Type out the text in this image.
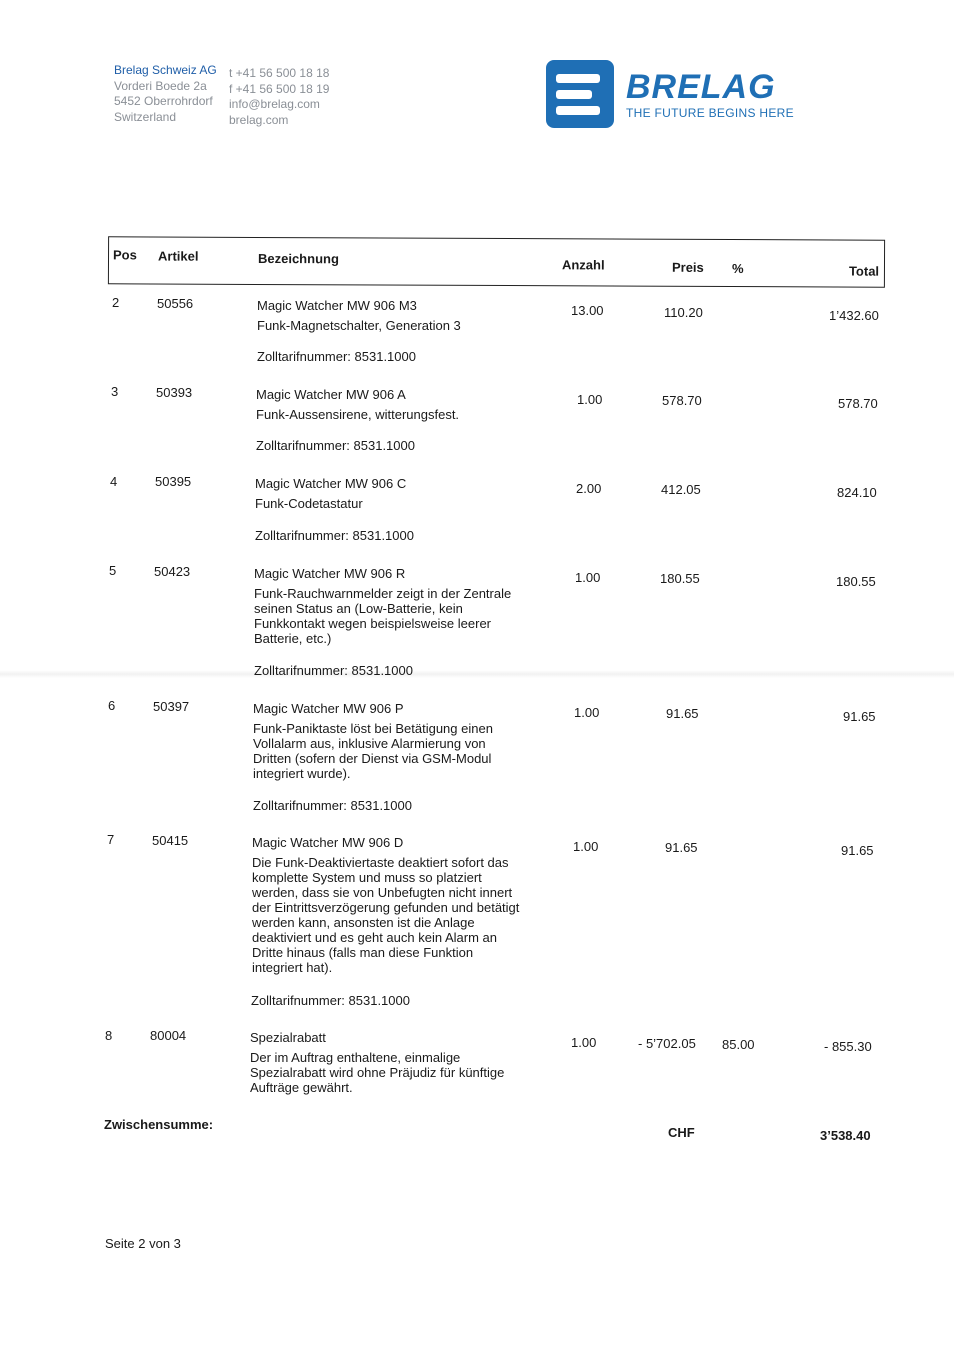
Brelag Schweiz AG
Vorderi Boede 2a
5452 Oberrohrdorf
Switzerland
t +41 56 500 18 18
f +41 56 500 18 19
info@brelag.com
brelag.com
BRELAG
THE FUTURE BEGINS HERE
Pos Artikel	Bezeichnung	Anzahl	Preis %	Total
2	50556	Magic Watcher MW 906 M3
Funk-Magnetschalter, Generation 3
13.00	110.20	1’432.60
Zolltarifnummer: 8531.1000
3	50393	Magic Watcher MW 906 A
Funk-Aussensirene, witterungsfest.
1.00	578.70	578.70
Zolltarifnummer: 8531.1000
4	50395	Magic Watcher MW 906 C
Funk-Codetastatur
2.00	412.05	824.10
Zolltarifnummer: 8531.1000
5	50423	Magic Watcher MW 906 R
Funk-Rauchwarnmelder zeigt in der Zentrale seinen Status an (Low-Batterie, kein Funkkontakt wegen beispielsweise leerer Batterie, etc.)
1.00	180.55	180.55
Zolltarifnummer: 8531.1000
6	50397	Magic Watcher MW 906 P
Funk-Paniktaste löst bei Betätigung einen Vollalarm aus, inklusive Alarmierung von Dritten (sofern der Dienst via GSM-Modul integriert wurde).
1.00	91.65	91.65
Zolltarifnummer: 8531.1000
7	50415	Magic Watcher MW 906 D
Die Funk-Deaktiviertaste deaktiert sofort das komplette System und muss so platziert werden, dass sie von Unbefugten nicht innert der Eintrittsverzögerung gefunden und betätigt werden kann, ansonsten ist die Anlage deaktiviert und es geht auch kein Alarm an Dritte hinaus (falls man diese Funktion integriert hat).
1.00	91.65	91.65
Zolltarifnummer: 8531.1000
8	80004	Spezialrabatt
Der im Auftrag enthaltene, einmalige Spezialrabatt wird ohne Präjudiz für künftige Aufträge gewährt.
1.00	- 5’702.05 85.00	- 855.30
Zwischensumme:
CHF	3’538.40
Seite 2 von 3
